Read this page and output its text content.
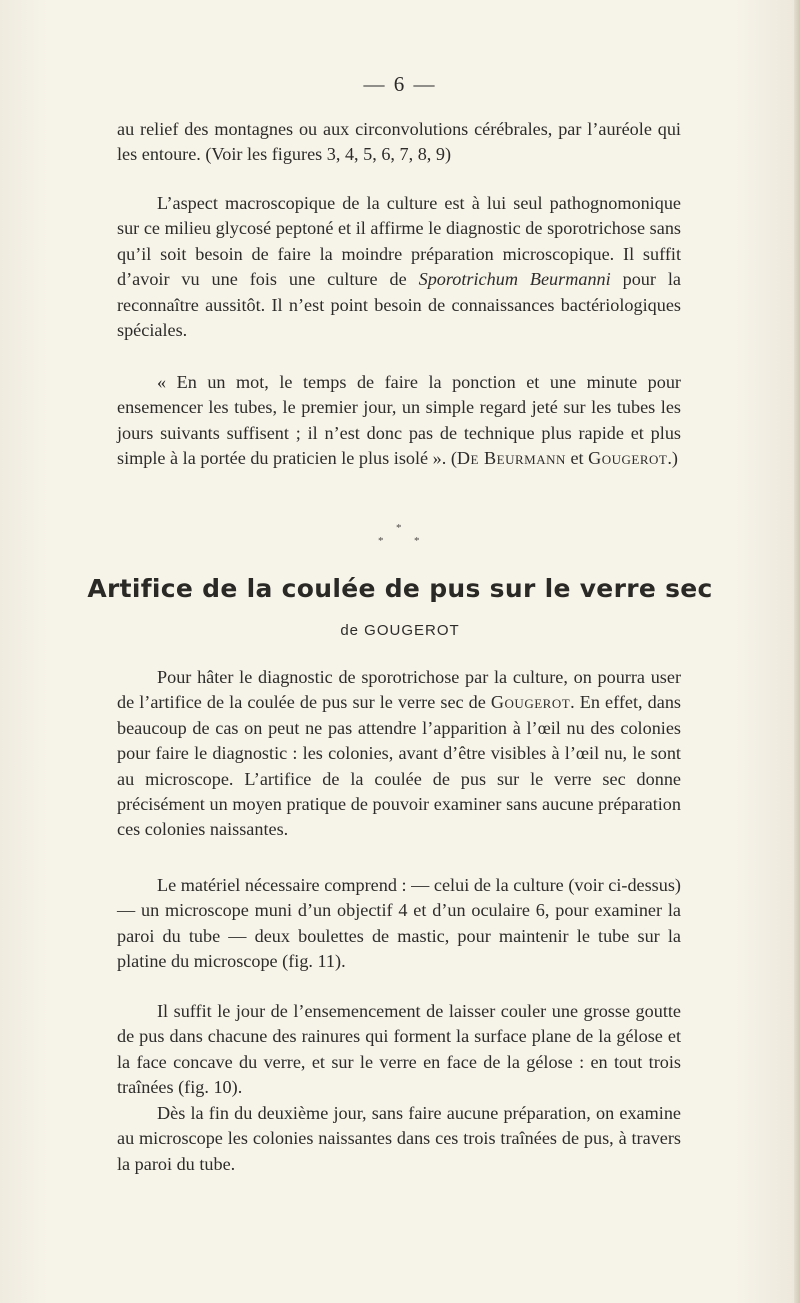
— 6 —

au relief des montagnes ou aux circonvolutions cérébrales, par l’auréole qui les entoure. (Voir les figures 3, 4, 5, 6, 7, 8, 9)

L’aspect macroscopique de la culture est à lui seul pathognomonique sur ce milieu glycosé peptoné et il affirme le diagnostic de sporotrichose sans qu’il soit besoin de faire la moindre préparation microscopique. Il suffit d’avoir vu une fois une culture de Sporotrichum Beurmanni pour la reconnaître aussitôt. Il n’est point besoin de connaissances bactériologiques spéciales.

« En un mot, le temps de faire la ponction et une minute pour ensemencer les tubes, le premier jour, un simple regard jeté sur les tubes les jours suivants suffisent ; il n’est donc pas de technique plus rapide et plus simple à la portée du praticien le plus isolé ». (De Beurmann et Gougerot.)

*
*	*
Artifice de la coulée de pus sur le verre sec
de GOUGEROT

Pour hâter le diagnostic de sporotrichose par la culture, on pourra user de l’artifice de la coulée de pus sur le verre sec de Gougerot. En effet, dans beaucoup de cas on peut ne pas attendre l’apparition à l’œil nu des colonies pour faire le diagnostic : les colonies, avant d’être visibles à l’œil nu, le sont au microscope. L’artifice de la coulée de pus sur le verre sec donne précisément un moyen pratique de pouvoir examiner sans aucune préparation ces colonies naissantes.

Le matériel nécessaire comprend : — celui de la culture (voir ci-dessus) — un microscope muni d’un objectif 4 et d’un oculaire 6, pour examiner la paroi du tube — deux boulettes de mastic, pour maintenir le tube sur la platine du microscope (fig. 11).

Il suffit le jour de l’ensemencement de laisser couler une grosse goutte de pus dans chacune des rainures qui forment la surface plane de la gélose et la face concave du verre, et sur le verre en face de la gélose : en tout trois traînées (fig. 10).

Dès la fin du deuxième jour, sans faire aucune préparation, on examine au microscope les colonies naissantes dans ces trois traînées de pus, à travers la paroi du tube.
